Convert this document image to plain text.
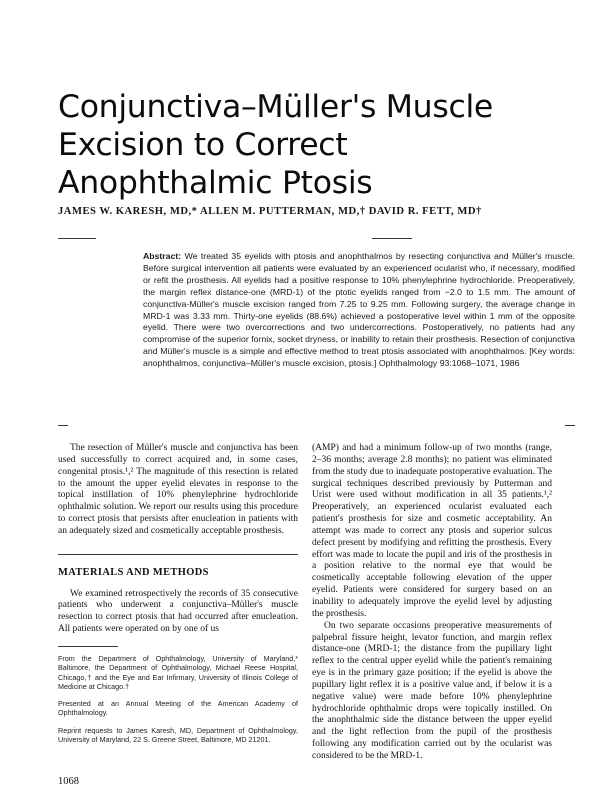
Conjunctiva–Müller's Muscle
Excision to Correct
Anophthalmic Ptosis
JAMES W. KARESH, MD,* ALLEN M. PUTTERMAN, MD,† DAVID R. FETT, MD†
Abstract: We treated 35 eyelids with ptosis and anophthalmos by resecting conjunctiva and Müller's muscle. Before surgical intervention all patients were evaluated by an experienced ocularist who, if necessary, modified or refit the prosthesis. All eyelids had a positive response to 10% phenylephrine hydrochloride. Preoperatively, the margin reflex distance-one (MRD-1) of the ptotic eyelids ranged from −2.0 to 1.5 mm. The amount of conjunctiva-Müller's muscle excision ranged from 7.25 to 9.25 mm. Following surgery, the average change in MRD-1 was 3.33 mm. Thirty-one eyelids (88.6%) achieved a postoperative level within 1 mm of the opposite eyelid. There were two overcorrections and two undercorrections. Postoperatively, no patients had any compromise of the superior fornix, socket dryness, or inability to retain their prosthesis. Resection of conjunctiva and Müller's muscle is a simple and effective method to treat ptosis associated with anophthalmos. [Key words: anophthalmos, conjunctiva–Müller's muscle excision, ptosis.] Ophthalmology 93:1068–1071, 1986

The resection of Müller's muscle and conjunctiva has been used successfully to correct acquired and, in some cases, congenital ptosis.¹,² The magnitude of this resection is related to the amount the upper eyelid elevates in response to the topical instillation of 10% phenylephrine hydrochloride ophthalmic solution. We report our results using this procedure to correct ptosis that persists after enucleation in patients with an adequately sized and cosmetically acceptable prosthesis.

MATERIALS AND METHODS

We examined retrospectively the records of 35 consecutive patients who underwent a conjunctiva–Müller's muscle resection to correct ptosis that had occurred after enucleation. All patients were operated on by one of us

From the Department of Ophthalmology, University of Maryland,* Baltimore, the Department of Ophthalmology, Michael Reese Hospital, Chicago,† and the Eye and Ear Infirmary, University of Illinois College of Medicine at Chicago.†
Presented at an Annual Meeting of the American Academy of Ophthalmology.
Reprint requests to James Karesh, MD, Department of Ophthalmology, University of Maryland, 22 S. Greene Street, Baltimore, MD 21201.

(AMP) and had a minimum follow-up of two months (range, 2–36 months; average 2.8 months); no patient was eliminated from the study due to inadequate postoperative evaluation. The surgical techniques described previously by Putterman and Urist were used without modification in all 35 patients.¹,² Preoperatively, an experienced ocularist evaluated each patient's prosthesis for size and cosmetic acceptability. An attempt was made to correct any ptosis and superior sulcus defect present by modifying and refitting the prosthesis. Every effort was made to locate the pupil and iris of the prosthesis in a position relative to the normal eye that would be cosmetically acceptable following elevation of the upper eyelid. Patients were considered for surgery based on an inability to adequately improve the eyelid level by adjusting the prosthesis.

On two separate occasions preoperative measurements of palpebral fissure height, levator function, and margin reflex distance-one (MRD-1; the distance from the pupillary light reflex to the central upper eyelid while the patient's remaining eye is in the primary gaze position; if the eyelid is above the pupillary light reflex it is a positive value and, if below it is a negative value) were made before 10% phenylephrine hydrochloride ophthalmic drops were topically instilled. On the anophthalmic side the distance between the upper eyelid and the light reflection from the pupil of the prosthesis following any modification carried out by the ocularist was considered to be the MRD-1.

1068
